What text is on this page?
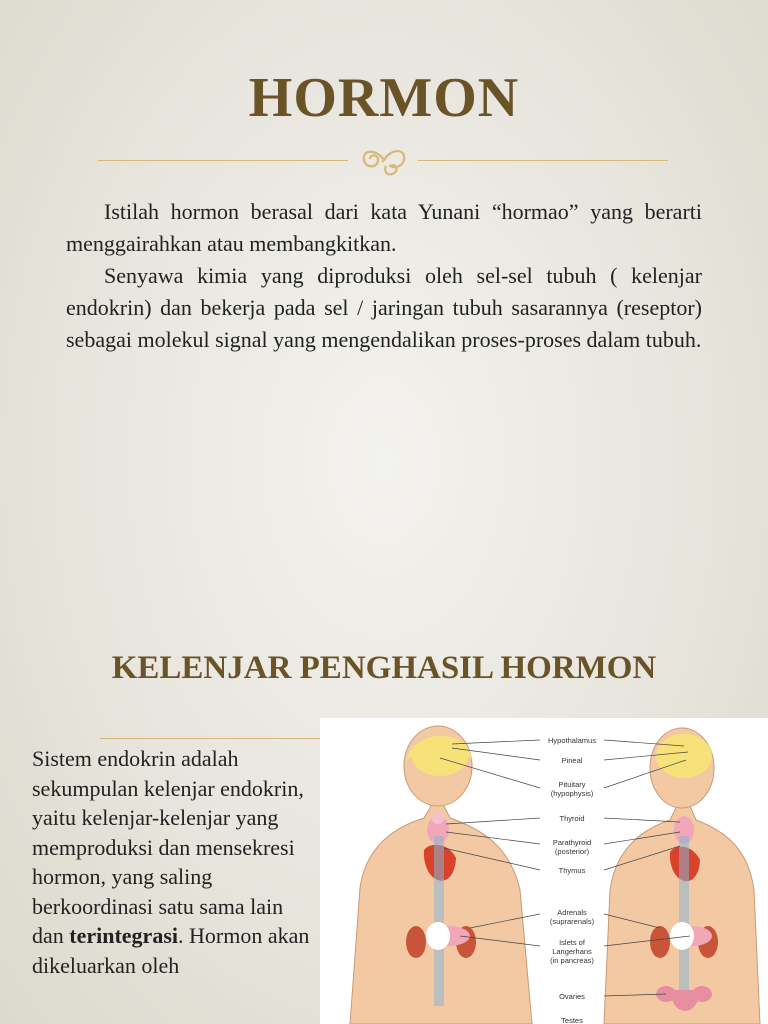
HORMON

Istilah hormon berasal dari kata Yunani “hormao” yang berarti menggairahkan atau membangkitkan.

Senyawa kimia yang diproduksi oleh sel-sel tubuh ( kelenjar endokrin) dan bekerja pada sel / jaringan tubuh sasarannya (reseptor) sebagai molekul signal yang mengendalikan proses-proses dalam tubuh.

KELENJAR PENGHASIL HORMON

Sistem endokrin adalah sekumpulan kelenjar endokrin, yaitu kelenjar-kelenjar yang memproduksi dan mensekresi hormon, yang saling berkoordinasi satu sama lain dan terintegrasi. Hormon akan dikeluarkan oleh

Hypothalamus
Pineal
Pituitary
(hypophysis)
Thyroid
Parathyroid
(posterior)
Thymus
Adrenals
(suprarenals)
Islets of
Langerhans
(in pancreas)
Ovaries
Testes
